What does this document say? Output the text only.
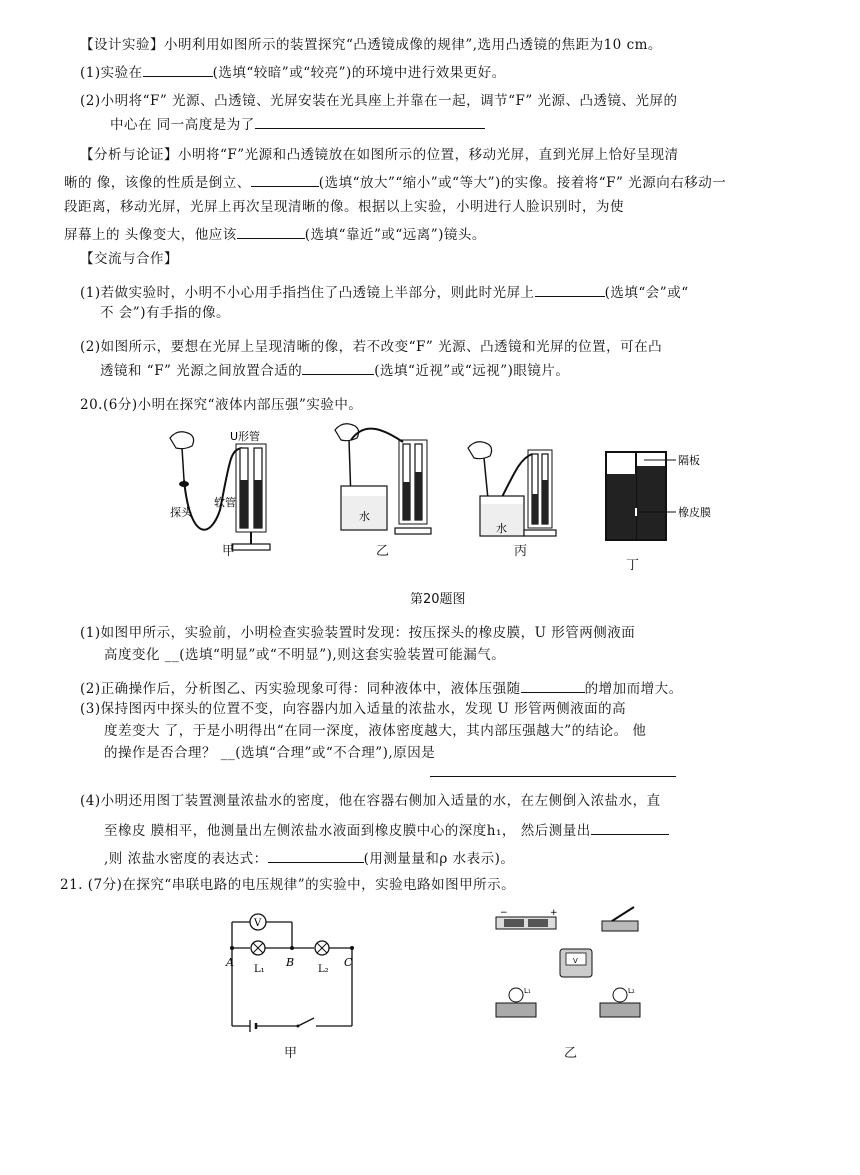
【设计实验】小明利用如图所示的装置探究“凸透镜成像的规律”,选用凸透镜的焦距为10 cm。
(1)实验在	(选填“较暗”或“较亮”)的环境中进行效果更好。
(2)小明将“F” 光源、凸透镜、光屏安装在光具座上并靠在一起，调节“F” 光源、凸透镜、光屏的
中心在 同一高度是为了
【分析与论证】小明将“F”光源和凸透镜放在如图所示的位置，移动光屏，直到光屏上恰好呈现清
晰的 像，该像的性质是倒立、	(选填“放大”“缩小”或“等大”)的实像。接着将“F” 光源向右移动一
段距离，移动光屏，光屏上再次呈现清晰的像。根据以上实验，小明进行人脸识别时，为使
屏幕上的 头像变大，他应该	(选填“靠近”或“远离”)镜头。
【交流与合作】
(1)若做实验时，小明不小心用手指挡住了凸透镜上半部分，则此时光屏上	(选填“会”或“
不 会”)有手指的像。
(2)如图所示，要想在光屏上呈现清晰的像，若不改变“F” 光源、凸透镜和光屏的位置，可在凸
透镜和 “F” 光源之间放置合适的	(选填“近视”或“远视”)眼镜片。
20.(6分)小明在探究“液体内部压强”实验中。
U形管
探头
软管
甲
水
乙
水
丙
隔板
橡皮膜
丁
第20题图
(1)如图甲所示，实验前，小明检查实验装置时发现：按压探头的橡皮膜，U 形管两侧液面
高度变化 __(选填“明显”或“不明显”),则这套实验装置可能漏气。
(2)正确操作后，分析图乙、丙实验现象可得：同种液体中，液体压强随	的增加而增大。
(3)保持图丙中探头的位置不变，向容器内加入适量的浓盐水，发现 U 形管两侧液面的高
度差变大 了，于是小明得出“在同一深度，液体密度越大，其内部压强越大”的结论。 他
的操作是否合理？ __(选填“合理”或“不合理”),原因是
(4)小明还用图丁装置测量浓盐水的密度，他在容器右侧加入适量的水，在左侧倒入浓盐水，直
至橡皮 膜相平，他测量出左侧浓盐水液面到橡皮膜中心的深度h₁， 然后测量出
,则 浓盐水密度的表达式：	(用测量量和ρ 水表示)。
21. (7分)在探究“串联电路的电压规律”的实验中，实验电路如图甲所示。
V
A	B	C
L₁	L₂
甲
−	+
V
L₁	L₂
乙
